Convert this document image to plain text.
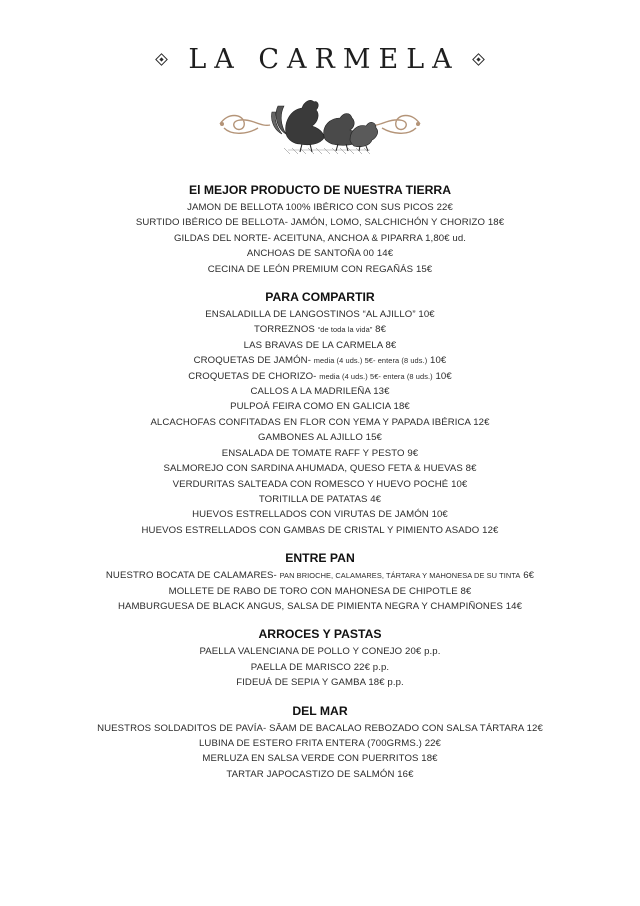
LA CARMELA
El MEJOR PRODUCTO DE NUESTRA TIERRA
JAMON DE BELLOTA 100% IBÉRICO CON SUS PICOS 22€
SURTIDO IBÉRICO DE BELLOTA- JAMÓN, LOMO, SALCHICHÓN Y CHORIZO 18€
GILDAS DEL NORTE- ACEITUNA, ANCHOA & PIPARRA 1,80€ ud.
ANCHOAS DE SANTOÑA 00 14€
CECINA DE LEÓN PREMIUM CON REGAÑÁS 15€
PARA COMPARTIR
ENSALADILLA DE LANGOSTINOS “AL AJILLO” 10€
TORREZNOS “de toda la vida” 8€
LAS BRAVAS DE LA CARMELA 8€
CROQUETAS DE JAMÓN- media (4 uds.) 5€- entera (8 uds.) 10€
CROQUETAS DE CHORIZO- media (4 uds.) 5€- entera (8 uds.) 10€
CALLOS A LA MADRILEÑA 13€
PULPOÁ FEIRA COMO EN GALICIA 18€
ALCACHOFAS CONFITADAS EN FLOR CON YEMA Y PAPADA IBÉRICA 12€
GAMBONES AL AJILLO 15€
ENSALADA DE TOMATE RAFF Y PESTO 9€
SALMOREJO CON SARDINA AHUMADA, QUESO FETA & HUEVAS 8€
VERDURITAS SALTEADA CON ROMESCO Y HUEVO POCHÉ 10€
TORITILLA DE PATATAS 4€
HUEVOS ESTRELLADOS CON VIRUTAS DE JAMÓN 10€
HUEVOS ESTRELLADOS CON GAMBAS DE CRISTAL Y PIMIENTO ASADO 12€
ENTRE PAN
NUESTRO BOCATA DE CALAMARES- PAN BRIOCHE, CALAMARES, TÁRTARA Y MAHONESA DE SU TINTA 6€
MOLLETE DE RABO DE TORO CON MAHONESA DE CHIPOTLE 8€
HAMBURGUESA DE BLACK ANGUS, SALSA DE PIMIENTA NEGRA Y CHAMPIÑONES 14€
ARROCES Y PASTAS
PAELLA VALENCIANA DE POLLO Y CONEJO 20€ p.p.
PAELLA DE MARISCO 22€ p.p.
FIDEUÁ DE SEPIA Y GAMBA 18€ p.p.
DEL MAR
NUESTROS SOLDADITOS DE PAVÍA- SÂAM DE BACALAO REBOZADO CON SALSA TÁRTARA 12€
LUBINA DE ESTERO FRITA ENTERA (700GRMS.) 22€
MERLUZA EN SALSA VERDE CON PUERRITOS 18€
TARTAR JAPOCASTIZO DE SALMÓN 16€
